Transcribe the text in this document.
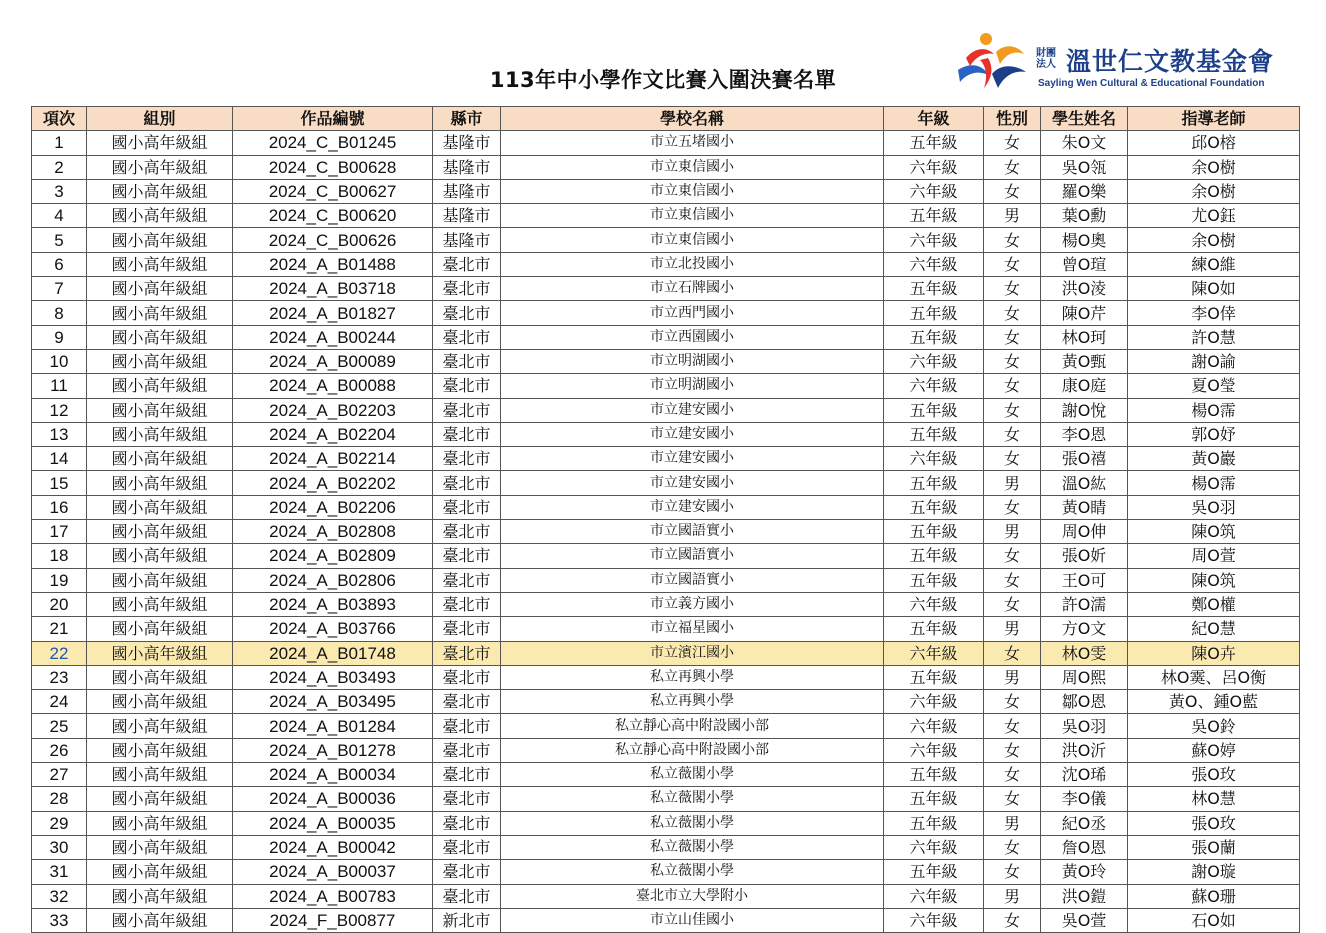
113年中小學作文比賽入圍決賽名單
財團法人 溫世仁文教基金會
Sayling Wen Cultural & Educational Foundation
項次	組別	作品編號	縣市	學校名稱	年級	性別	學生姓名	指導老師
1	國小高年級組	2024_C_B01245	基隆市	市立五堵國小	五年級	女	朱O文	邱O榕
2	國小高年級組	2024_C_B00628	基隆市	市立東信國小	六年級	女	吳O瓴	余O樹
3	國小高年級組	2024_C_B00627	基隆市	市立東信國小	六年級	女	羅O樂	余O樹
4	國小高年級組	2024_C_B00620	基隆市	市立東信國小	五年級	男	葉O勳	尤O鈺
5	國小高年級組	2024_C_B00626	基隆市	市立東信國小	六年級	女	楊O奧	余O樹
6	國小高年級組	2024_A_B01488	臺北市	市立北投國小	六年級	女	曾O瑄	練O維
7	國小高年級組	2024_A_B03718	臺北市	市立石牌國小	五年級	女	洪O淩	陳O如
8	國小高年級組	2024_A_B01827	臺北市	市立西門國小	五年級	女	陳O芹	李O倖
9	國小高年級組	2024_A_B00244	臺北市	市立西園國小	五年級	女	林O珂	許O慧
10	國小高年級組	2024_A_B00089	臺北市	市立明湖國小	六年級	女	黃O甄	謝O諭
11	國小高年級組	2024_A_B00088	臺北市	市立明湖國小	六年級	女	康O庭	夏O瑩
12	國小高年級組	2024_A_B02203	臺北市	市立建安國小	五年級	女	謝O悅	楊O霈
13	國小高年級組	2024_A_B02204	臺北市	市立建安國小	五年級	女	李O恩	郭O妤
14	國小高年級組	2024_A_B02214	臺北市	市立建安國小	六年級	女	張O禧	黃O巖
15	國小高年級組	2024_A_B02202	臺北市	市立建安國小	五年級	男	溫O紘	楊O霈
16	國小高年級組	2024_A_B02206	臺北市	市立建安國小	五年級	女	黃O睛	吳O羽
17	國小高年級組	2024_A_B02808	臺北市	市立國語實小	五年級	男	周O伸	陳O筑
18	國小高年級組	2024_A_B02809	臺北市	市立國語實小	五年級	女	張O妡	周O萱
19	國小高年級組	2024_A_B02806	臺北市	市立國語實小	五年級	女	王O可	陳O筑
20	國小高年級組	2024_A_B03893	臺北市	市立義方國小	六年級	女	許O濡	鄭O權
21	國小高年級組	2024_A_B03766	臺北市	市立福星國小	五年級	男	方O文	紀O慧
22	國小高年級組	2024_A_B01748	臺北市	市立濱江國小	六年級	女	林O雯	陳O卉
23	國小高年級組	2024_A_B03493	臺北市	私立再興小學	五年級	男	周O熙	林O霙、呂O衡
24	國小高年級組	2024_A_B03495	臺北市	私立再興小學	六年級	女	鄒O恩	黃O、鍾O藍
25	國小高年級組	2024_A_B01284	臺北市	私立靜心高中附設國小部	六年級	女	吳O羽	吳O鈴
26	國小高年級組	2024_A_B01278	臺北市	私立靜心高中附設國小部	六年級	女	洪O沂	蘇O婷
27	國小高年級組	2024_A_B00034	臺北市	私立薇閣小學	五年級	女	沈O琋	張O玫
28	國小高年級組	2024_A_B00036	臺北市	私立薇閣小學	五年級	女	李O儀	林O慧
29	國小高年級組	2024_A_B00035	臺北市	私立薇閣小學	五年級	男	紀O丞	張O玫
30	國小高年級組	2024_A_B00042	臺北市	私立薇閣小學	六年級	女	詹O恩	張O蘭
31	國小高年級組	2024_A_B00037	臺北市	私立薇閣小學	五年級	女	黃O玲	謝O璇
32	國小高年級組	2024_A_B00783	臺北市	臺北市立大學附小	六年級	男	洪O鎧	蘇O珊
33	國小高年級組	2024_F_B00877	新北市	市立山佳國小	六年級	女	吳O萱	石O如
